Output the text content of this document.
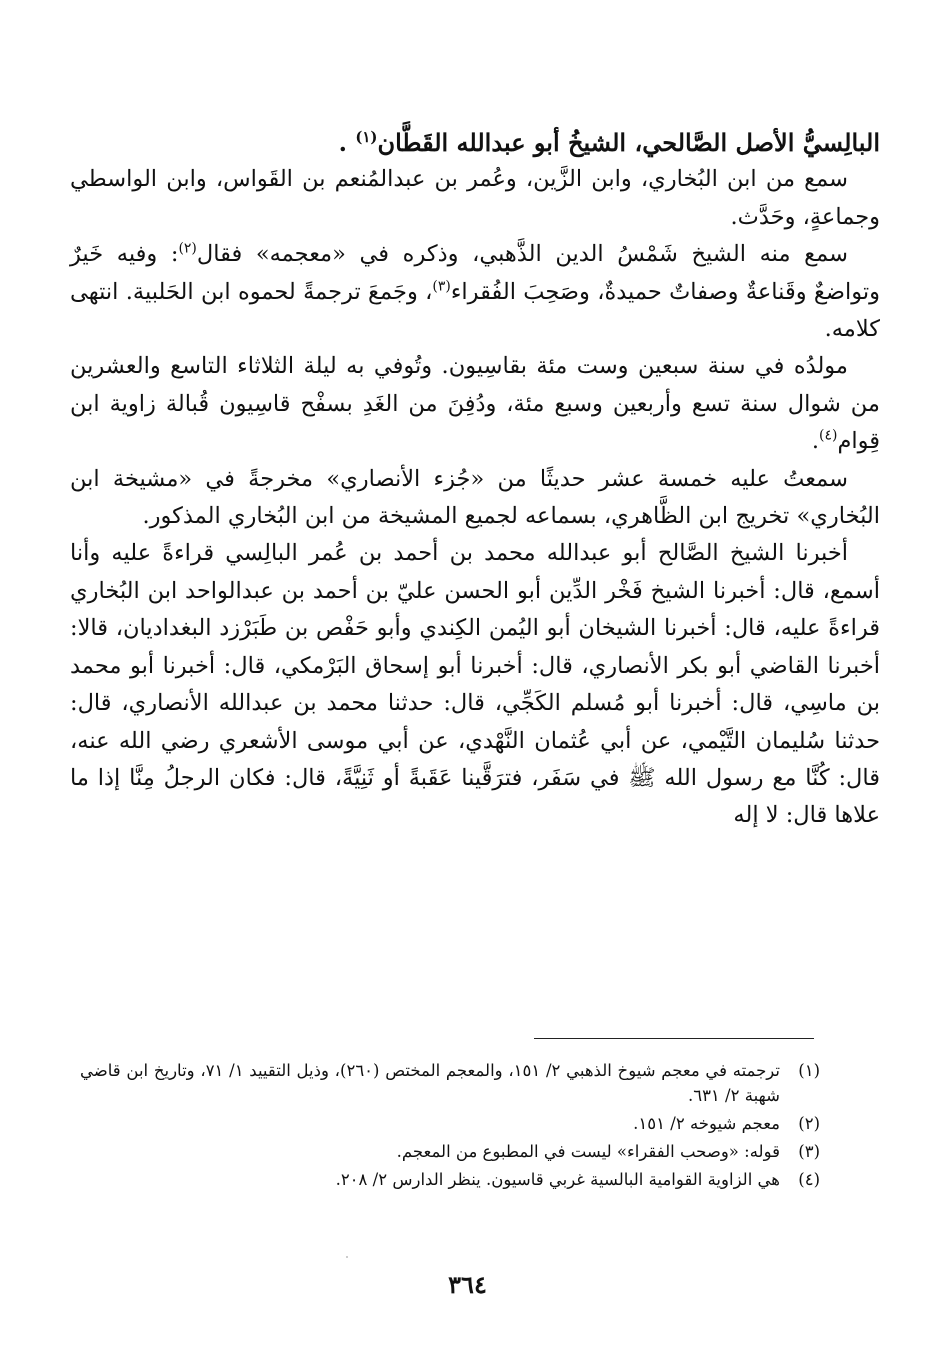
البالِسيُّ الأصل الصَّالحي، الشيخُ أبو عبدالله القَطَّان$^{(١)}$ .

سمع من ابن البُخاري، وابن الزَّين، وعُمر بن عبدالمُنعم بن القَواس، وابن الواسطي وجماعةٍ، وحَدَّث.

سمع منه الشيخ شَمْسُ الدين الذَّهبي، وذكره في «معجمه» فقال$^{(٢)}$: وفيه خَيرٌ وتواضعٌ وقَناعةٌ وصفاتٌ حميدةٌ، وصَحِبَ الفُقراء$^{(٣)}$، وجَمعَ ترجمةً لحموه ابن الحَلبية. انتهى كلامه.

مولدُه في سنة سبعين وست مئة بقاسِيون. وتُوفي به ليلة الثلاثاء التاسع والعشرين من شوال سنة تسع وأربعين وسبع مئة، ودُفِنَ من الغَدِ بسفْح قاسِيون قُبالة زاوية ابن قِوام$^{(٤)}$.

سمعتُ عليه خمسة عشر حديثًا من «جُزء الأنصاري» مخرجةً في «مشيخة ابن البُخاري» تخريج ابن الظَّاهري، بسماعه لجميع المشيخة من ابن البُخاري المذكور.

أخبرنا الشيخ الصَّالح أبو عبدالله محمد بن أحمد بن عُمر البالِسي قراءةً عليه وأنا أسمع، قال: أخبرنا الشيخ فَخْر الدِّين أبو الحسن عليّ بن أحمد بن عبدالواحد ابن البُخاري قراءةً عليه، قال: أخبرنا الشيخان أبو اليُمن الكِندي وأبو حَفْص بن طَبَرْزد البغداديان، قالا: أخبرنا القاضي أبو بكر الأنصاري، قال: أخبرنا أبو إسحاق البَرْمكي، قال: أخبرنا أبو محمد بن ماسِي، قال: أخبرنا أبو مُسلم الكَجِّي، قال: حدثنا محمد بن عبدالله الأنصاري، قال: حدثنا سُليمان التَّيْمي، عن أبي عُثمان النَّهْدي، عن أبي موسى الأشعري رضي الله عنه، قال: كُنَّا مع رسول الله ﷺ في سَفَر، فترَقَّينا عَقَبةً أو ثَنِيَّةً، قال: فكان الرجلُ مِنَّا إذا ما علاها قال: لا إله

(١)
ترجمته في معجم شيوخ الذهبي ٢/ ١٥١، والمعجم المختص (٢٦٠)، وذيل التقييد ١/ ٧١، وتاريخ ابن قاضي شهبة ٢/ ٦٣١.
(٢)
معجم شيوخه ٢/ ١٥١.
(٣)
قوله: «وصحب الفقراء» ليست في المطبوع من المعجم.
(٤)
هي الزاوية القوامية البالسية غربي قاسيون. ينظر الدارس ٢/ ٢٠٨.
٣٦٤
